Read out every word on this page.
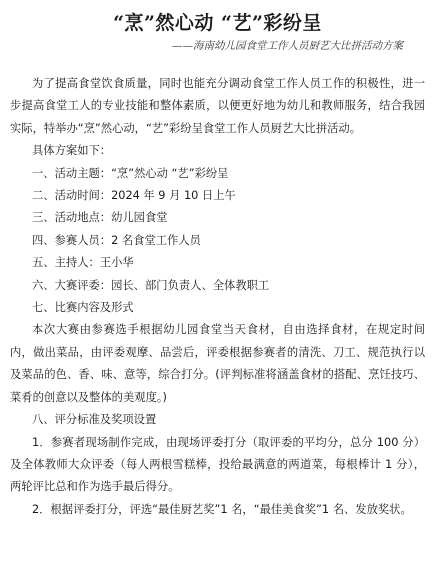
“烹”然心动 “艺”彩纷呈
——海南幼儿园食堂工作人员厨艺大比拼活动方案

为了提高食堂饮食质量，同时也能充分调动食堂工作人员工作的积极性，进一步提高食堂工人的专业技能和整体素质，以便更好地为幼儿和教师服务，结合我园实际，特举办“烹”然心动，“艺”彩纷呈食堂工作人员厨艺大比拼活动。

具体方案如下：

一、活动主题：“烹”然心动 “艺”彩纷呈

二、活动时间：2024 年 9 月 10 日上午

三、活动地点：幼儿园食堂

四、参赛人员：2 名食堂工作人员

五、主持人：王小华

六、大赛评委：园长、部门负责人、全体教职工

七、比赛内容及形式

本次大赛由参赛选手根据幼儿园食堂当天食材，自由选择食材，在规定时间内，做出菜品，由评委观摩、品尝后，评委根据参赛者的清洗、刀工、规范执行以及菜品的色、香、味、意等，综合打分。(评判标准将涵盖食材的搭配、烹饪技巧、菜肴的创意以及整体的美观度。)

八、评分标准及奖项设置

1．参赛者现场制作完成，由现场评委打分（取评委的平均分，总分 100 分）及全体教师大众评委（每人两根雪糕棒，投给最满意的两道菜，每根棒计 1 分），两轮评比总和作为选手最后得分。

2．根据评委打分，评选“最佳厨艺奖”1 名，“最佳美食奖”1 名、发放奖状。
